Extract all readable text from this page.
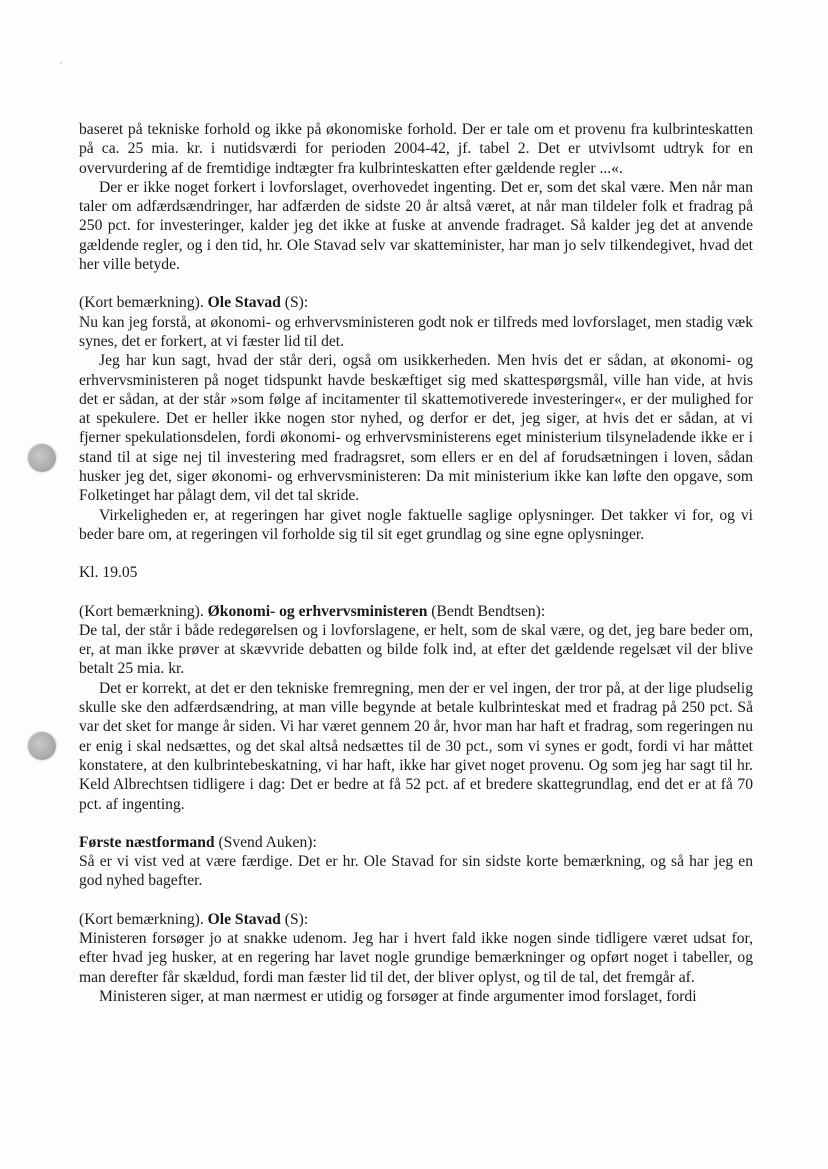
baseret på tekniske forhold og ikke på økonomiske forhold. Der er tale om et provenu fra kulbrinteskatten på ca. 25 mia. kr. i nutidsværdi for perioden 2004-42, jf. tabel 2. Det er utvivlsomt udtryk for en overvurdering af de fremtidige indtægter fra kulbrinteskatten efter gældende regler ...«.

Der er ikke noget forkert i lovforslaget, overhovedet ingenting. Det er, som det skal være. Men når man taler om adfærdsændringer, har adfærden de sidste 20 år altså været, at når man tildeler folk et fradrag på 250 pct. for investeringer, kalder jeg det ikke at fuske at anvende fradraget. Så kalder jeg det at anvende gældende regler, og i den tid, hr. Ole Stavad selv var skatteminister, har man jo selv tilkendegivet, hvad det her ville betyde.

(Kort bemærkning). Ole Stavad (S):

Nu kan jeg forstå, at økonomi- og erhvervsministeren godt nok er tilfreds med lovforslaget, men stadig væk synes, det er forkert, at vi fæster lid til det.

Jeg har kun sagt, hvad der står deri, også om usikkerheden. Men hvis det er sådan, at økonomi- og erhvervsministeren på noget tidspunkt havde beskæftiget sig med skattespørgsmål, ville han vide, at hvis det er sådan, at der står »som følge af incitamenter til skattemotiverede investeringer«, er der mulighed for at spekulere. Det er heller ikke nogen stor nyhed, og derfor er det, jeg siger, at hvis det er sådan, at vi fjerner spekulationsdelen, fordi økonomi- og erhvervsministerens eget ministerium tilsyneladende ikke er i stand til at sige nej til investering med fradragsret, som ellers er en del af forudsætningen i loven, sådan husker jeg det, siger økonomi- og erhvervsministeren: Da mit ministerium ikke kan løfte den opgave, som Folketinget har pålagt dem, vil det tal skride.

Virkeligheden er, at regeringen har givet nogle faktuelle saglige oplysninger. Det takker vi for, og vi beder bare om, at regeringen vil forholde sig til sit eget grundlag og sine egne oplysninger.

Kl. 19.05

(Kort bemærkning). Økonomi- og erhvervsministeren (Bendt Bendtsen):

De tal, der står i både redegørelsen og i lovforslagene, er helt, som de skal være, og det, jeg bare beder om, er, at man ikke prøver at skævvride debatten og bilde folk ind, at efter det gældende regelsæt vil der blive betalt 25 mia. kr.

Det er korrekt, at det er den tekniske fremregning, men der er vel ingen, der tror på, at der lige pludselig skulle ske den adfærdsændring, at man ville begynde at betale kulbrinteskat med et fradrag på 250 pct. Så var det sket for mange år siden. Vi har været gennem 20 år, hvor man har haft et fradrag, som regeringen nu er enig i skal nedsættes, og det skal altså nedsættes til de 30 pct., som vi synes er godt, fordi vi har måttet konstatere, at den kulbrintebeskatning, vi har haft, ikke har givet noget provenu. Og som jeg har sagt til hr. Keld Albrechtsen tidligere i dag: Det er bedre at få 52 pct. af et bredere skattegrundlag, end det er at få 70 pct. af ingenting.

Første næstformand (Svend Auken):

Så er vi vist ved at være færdige. Det er hr. Ole Stavad for sin sidste korte bemærkning, og så har jeg en god nyhed bagefter.

(Kort bemærkning). Ole Stavad (S):

Ministeren forsøger jo at snakke udenom. Jeg har i hvert fald ikke nogen sinde tidligere været udsat for, efter hvad jeg husker, at en regering har lavet nogle grundige bemærkninger og opført noget i tabeller, og man derefter får skældud, fordi man fæster lid til det, der bliver oplyst, og til de tal, det fremgår af.

Ministeren siger, at man nærmest er utidig og forsøger at finde argumenter imod forslaget, fordi
